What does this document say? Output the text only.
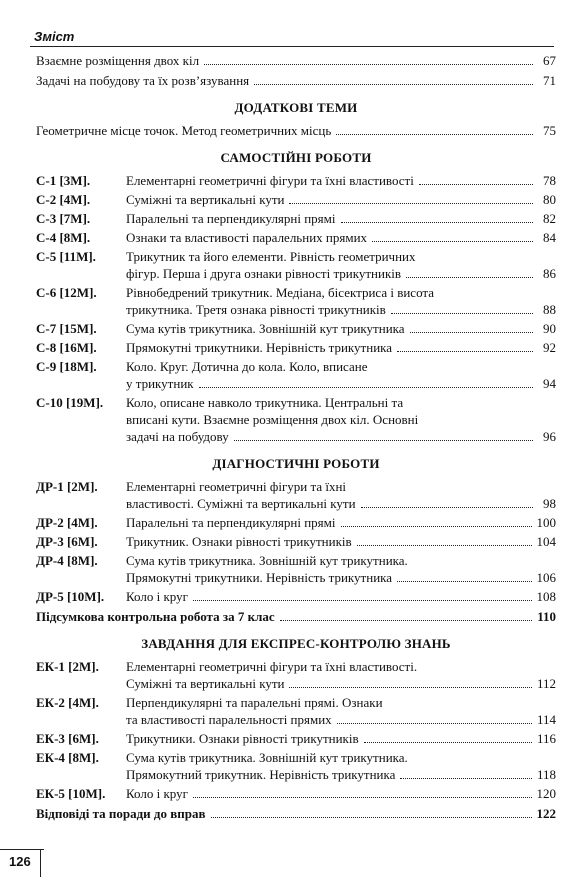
Зміст
Взаємне розміщення двох кіл	67
Задачі на побудову та їх розв’язування	71
ДОДАТКОВІ ТЕМИ
Геометричне місце точок. Метод геометричних місць	75
САМОСТІЙНІ РОБОТИ
С-1 [3М].	Елементарні геометричні фігури та їхні властивості	78
С-2 [4М].	Суміжні та вертикальні кути	80
С-3 [7М].	Паралельні та перпендикулярні прямі	82
С-4 [8М].	Ознаки та властивості паралельних прямих	84
С-5 [11М].	Трикутник та його елементи. Рівність геометричних
фігур. Перша і друга ознаки рівності трикутників	86
С-6 [12М].	Рівнобедрений трикутник. Медіана, бісектриса і висота
трикутника. Третя ознака рівності трикутників	88
С-7 [15М].	Сума кутів трикутника. Зовнішній кут трикутника	90
С-8 [16М].	Прямокутні трикутники. Нерівність трикутника	92
С-9 [18М].	Коло. Круг. Дотична до кола. Коло, вписане
у трикутник	94
С-10 [19М].	Коло, описане навколо трикутника. Центральні та
вписані кути. Взаємне розміщення двох кіл. Основні
задачі на побудову	96
ДІАГНОСТИЧНІ РОБОТИ
ДР-1 [2М].	Елементарні геометричні фігури та їхні
властивості. Суміжні та вертикальні кути	98
ДР-2 [4М].	Паралельні та перпендикулярні прямі	100
ДР-3 [6М].	Трикутник. Ознаки рівності трикутників	104
ДР-4 [8М].	Сума кутів трикутника. Зовнішній кут трикутника.
Прямокутні трикутники. Нерівність трикутника	106
ДР-5 [10М].	Коло і круг	108
Підсумкова контрольна робота за 7 клас	110
ЗАВДАННЯ ДЛЯ ЕКСПРЕС-КОНТРОЛЮ ЗНАНЬ
ЕК-1 [2М].	Елементарні геометричні фігури та їхні властивості.
Суміжні та вертикальні кути	112
ЕК-2 [4М].	Перпендикулярні та паралельні прямі. Ознаки
та властивості паралельності прямих	114
ЕК-3 [6М].	Трикутники. Ознаки рівності трикутників	116
ЕК-4 [8М].	Сума кутів трикутника. Зовнішній кут трикутника.
Прямокутний трикутник. Нерівність трикутника	118
ЕК-5 [10М].	Коло і круг	120
Відповіді та поради до вправ	122
126
